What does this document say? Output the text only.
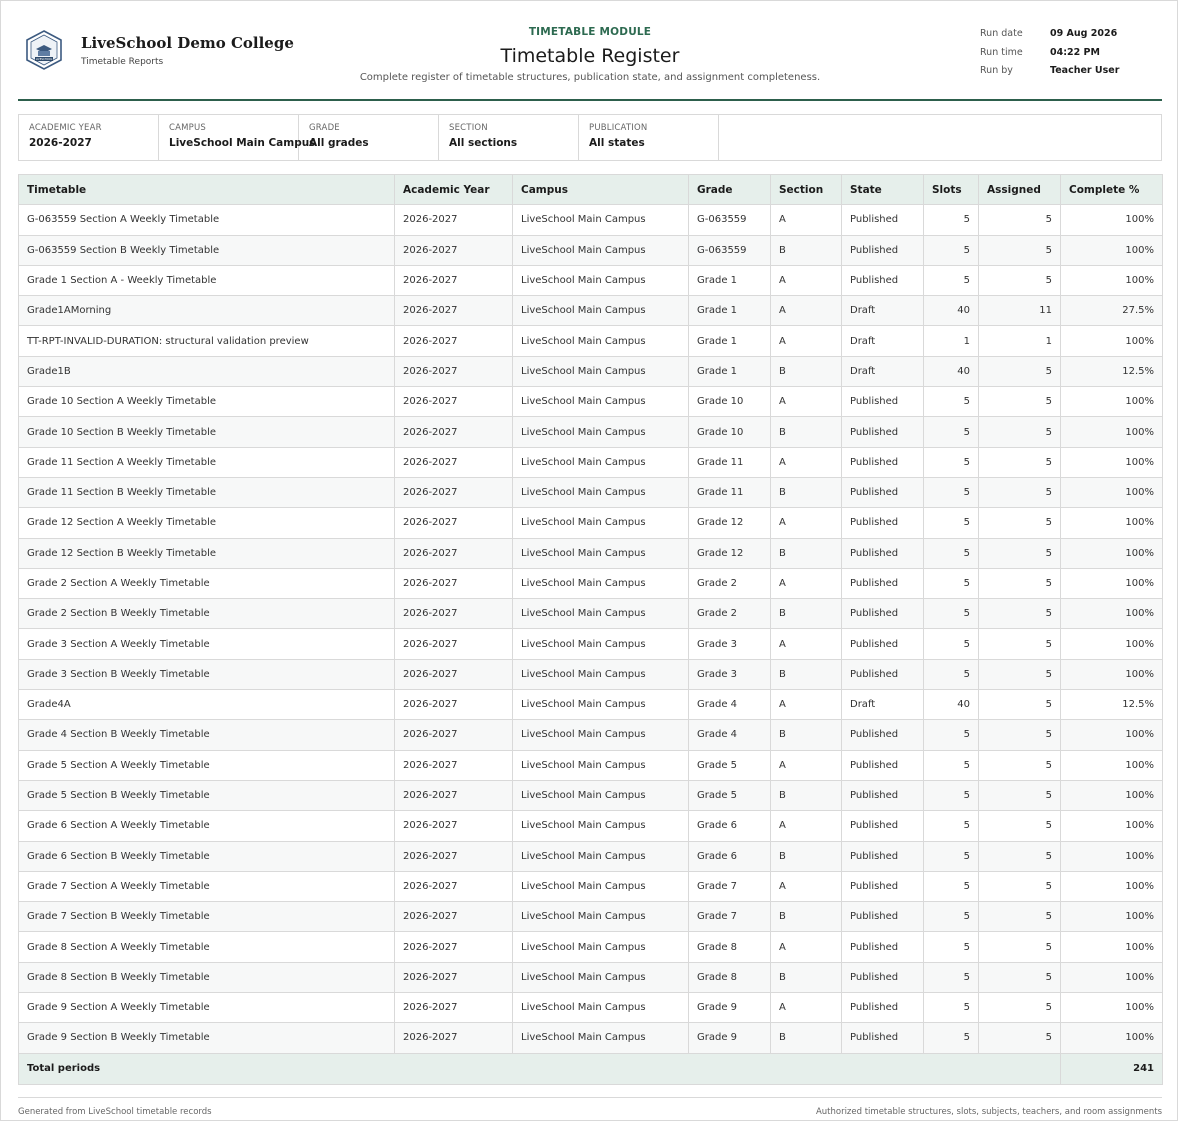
LIVESCHOOL
LiveSchool Demo College
Timetable Reports
TIMETABLE MODULE
Timetable Register
Complete register of timetable structures, publication state, and assignment completeness.
Run date	09 Aug 2026
Run time	04:22 PM
Run by	Teacher User
ACADEMIC YEAR
2026-2027
CAMPUS
LiveSchool Main Campus
GRADE
All grades
SECTION
All sections
PUBLICATION
All states
Timetable	Academic Year	Campus	Grade	Section	State	Slots	Assigned	Complete %
G-063559 Section A Weekly Timetable	2026-2027	LiveSchool Main Campus	G-063559	A	Published	5	5	100%
G-063559 Section B Weekly Timetable	2026-2027	LiveSchool Main Campus	G-063559	B	Published	5	5	100%
Grade 1 Section A - Weekly Timetable	2026-2027	LiveSchool Main Campus	Grade 1	A	Published	5	5	100%
Grade1AMorning	2026-2027	LiveSchool Main Campus	Grade 1	A	Draft	40	11	27.5%
TT-RPT-INVALID-DURATION: structural validation preview	2026-2027	LiveSchool Main Campus	Grade 1	A	Draft	1	1	100%
Grade1B	2026-2027	LiveSchool Main Campus	Grade 1	B	Draft	40	5	12.5%
Grade 10 Section A Weekly Timetable	2026-2027	LiveSchool Main Campus	Grade 10	A	Published	5	5	100%
Grade 10 Section B Weekly Timetable	2026-2027	LiveSchool Main Campus	Grade 10	B	Published	5	5	100%
Grade 11 Section A Weekly Timetable	2026-2027	LiveSchool Main Campus	Grade 11	A	Published	5	5	100%
Grade 11 Section B Weekly Timetable	2026-2027	LiveSchool Main Campus	Grade 11	B	Published	5	5	100%
Grade 12 Section A Weekly Timetable	2026-2027	LiveSchool Main Campus	Grade 12	A	Published	5	5	100%
Grade 12 Section B Weekly Timetable	2026-2027	LiveSchool Main Campus	Grade 12	B	Published	5	5	100%
Grade 2 Section A Weekly Timetable	2026-2027	LiveSchool Main Campus	Grade 2	A	Published	5	5	100%
Grade 2 Section B Weekly Timetable	2026-2027	LiveSchool Main Campus	Grade 2	B	Published	5	5	100%
Grade 3 Section A Weekly Timetable	2026-2027	LiveSchool Main Campus	Grade 3	A	Published	5	5	100%
Grade 3 Section B Weekly Timetable	2026-2027	LiveSchool Main Campus	Grade 3	B	Published	5	5	100%
Grade4A	2026-2027	LiveSchool Main Campus	Grade 4	A	Draft	40	5	12.5%
Grade 4 Section B Weekly Timetable	2026-2027	LiveSchool Main Campus	Grade 4	B	Published	5	5	100%
Grade 5 Section A Weekly Timetable	2026-2027	LiveSchool Main Campus	Grade 5	A	Published	5	5	100%
Grade 5 Section B Weekly Timetable	2026-2027	LiveSchool Main Campus	Grade 5	B	Published	5	5	100%
Grade 6 Section A Weekly Timetable	2026-2027	LiveSchool Main Campus	Grade 6	A	Published	5	5	100%
Grade 6 Section B Weekly Timetable	2026-2027	LiveSchool Main Campus	Grade 6	B	Published	5	5	100%
Grade 7 Section A Weekly Timetable	2026-2027	LiveSchool Main Campus	Grade 7	A	Published	5	5	100%
Grade 7 Section B Weekly Timetable	2026-2027	LiveSchool Main Campus	Grade 7	B	Published	5	5	100%
Grade 8 Section A Weekly Timetable	2026-2027	LiveSchool Main Campus	Grade 8	A	Published	5	5	100%
Grade 8 Section B Weekly Timetable	2026-2027	LiveSchool Main Campus	Grade 8	B	Published	5	5	100%
Grade 9 Section A Weekly Timetable	2026-2027	LiveSchool Main Campus	Grade 9	A	Published	5	5	100%
Grade 9 Section B Weekly Timetable	2026-2027	LiveSchool Main Campus	Grade 9	B	Published	5	5	100%
Total periods								241
Generated from LiveSchool timetable records	Authorized timetable structures, slots, subjects, teachers, and room assignments
